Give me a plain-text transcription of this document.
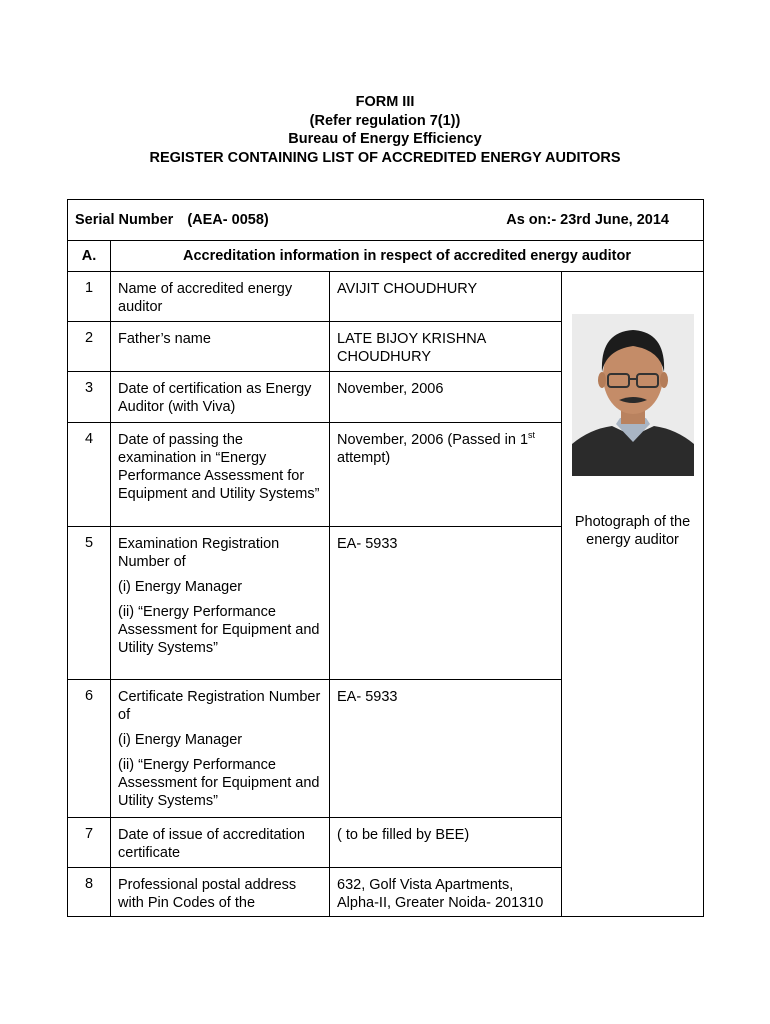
FORM III
(Refer regulation 7(1))
Bureau of Energy Efficiency
REGISTER CONTAINING LIST OF ACCREDITED ENERGY AUDITORS
Serial Number (AEA- 0058) As on:- 23rd June, 2014			

A.	Accreditation information in respect of accredited energy auditor		
1	Name of accredited energy auditor	AVIJIT CHOUDHURY	Photograph of the energy auditor

2	Father’s name	LATE BIJOY KRISHNA CHOUDHURY	
3	Date of certification as Energy Auditor (with Viva)	November, 2006	
4	Date of passing the examination in “Energy Performance Assessment for Equipment and Utility Systems”	November, 2006 (Passed in 1st attempt)	
5	Examination Registration Number of

(i) Energy Manager

(ii) “Energy Performance Assessment for Equipment and Utility Systems”	EA- 5933	
6	Certificate Registration Number of

(i) Energy Manager

(ii) “Energy Performance Assessment for Equipment and Utility Systems”	EA- 5933	
7	Date of issue of accreditation certificate	( to be filled by BEE)	
8	Professional postal address with Pin Codes of the	632, Golf Vista Apartments, Alpha-II, Greater Noida- 201310	
